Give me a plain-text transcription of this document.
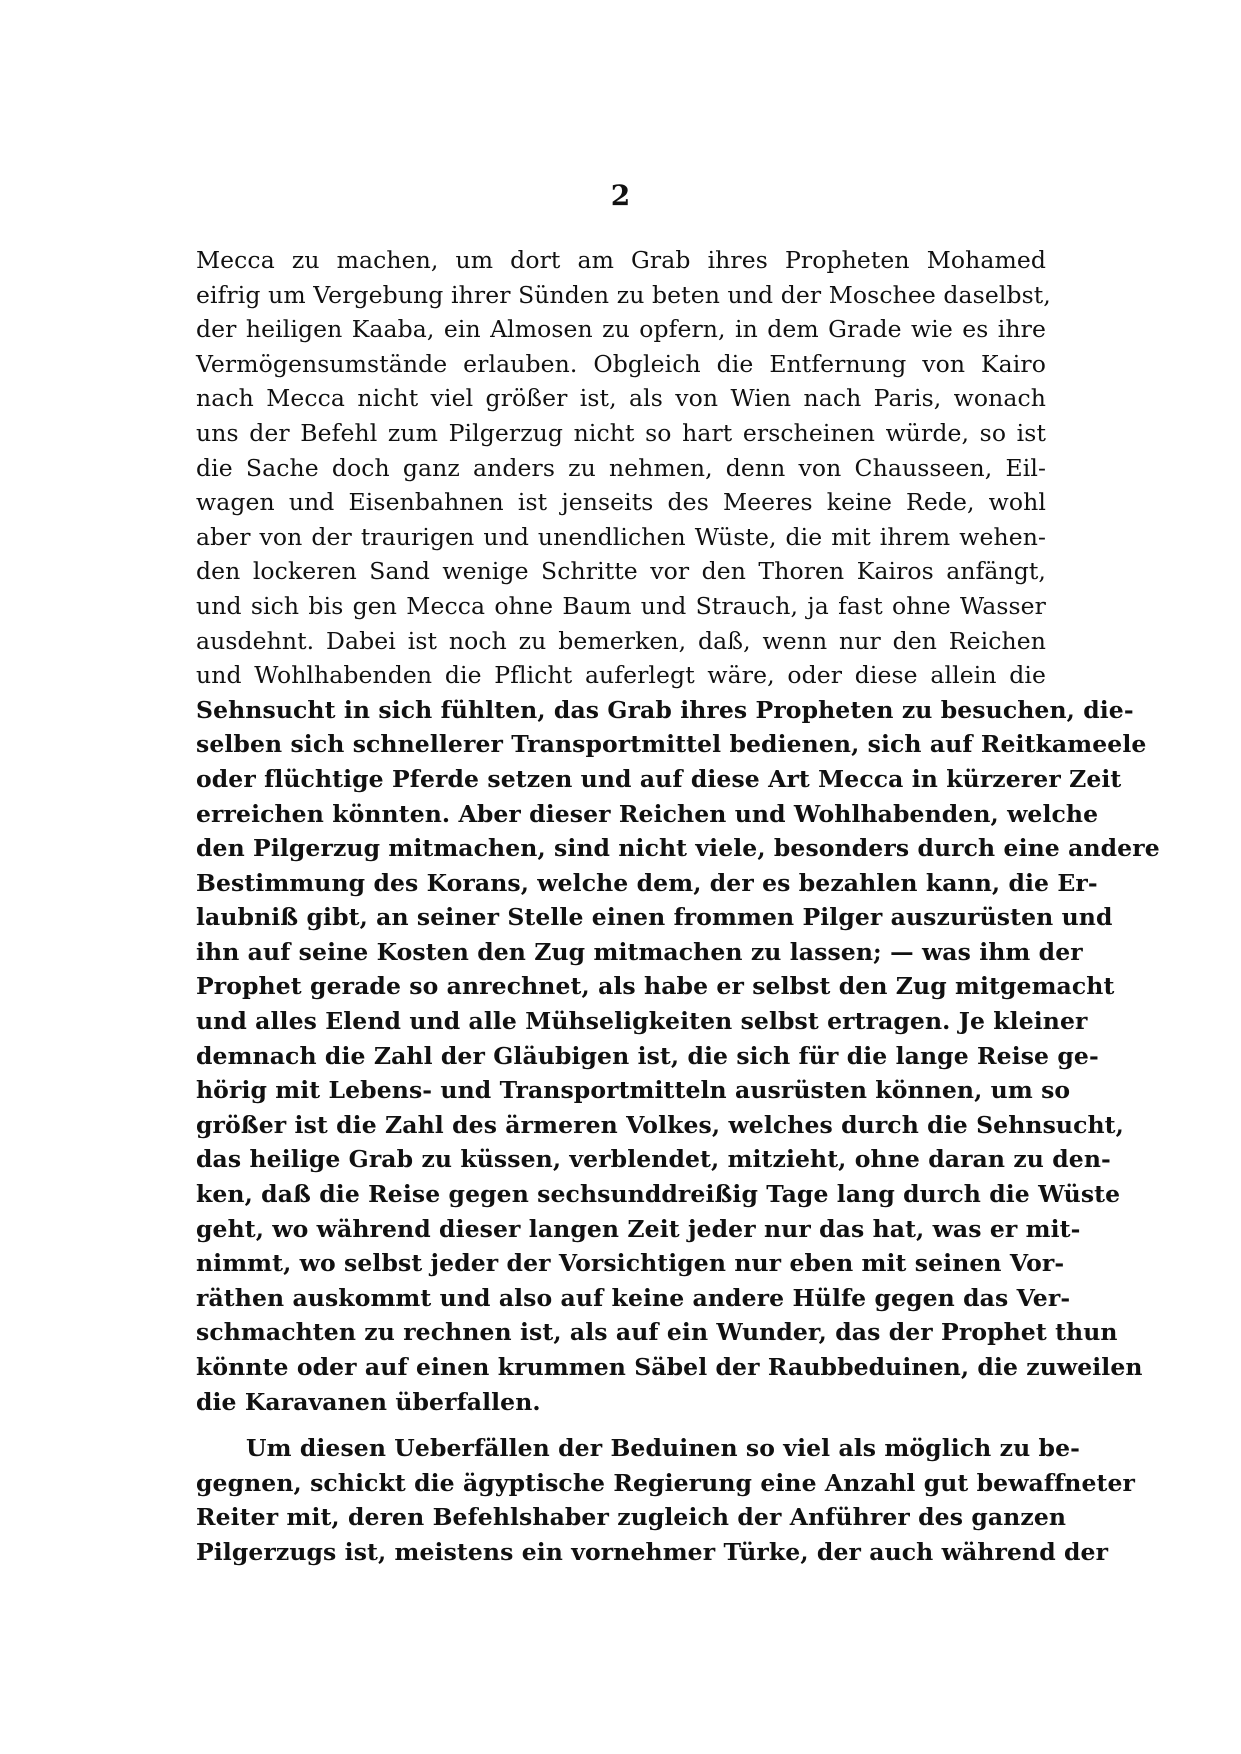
2
Mecca zu machen, um dort am Grab ihres Propheten Mohamed
eifrig um Vergebung ihrer Sünden zu beten und der Moschee daselbst,
der heiligen Kaaba, ein Almosen zu opfern, in dem Grade wie es ihre
Vermögensumstände erlauben. Obgleich die Entfernung von Kairo
nach Mecca nicht viel größer ist, als von Wien nach Paris, wonach
uns der Befehl zum Pilgerzug nicht so hart erscheinen würde, so ist
die Sache doch ganz anders zu nehmen, denn von Chausseen, Eil-
wagen und Eisenbahnen ist jenseits des Meeres keine Rede, wohl
aber von der traurigen und unendlichen Wüste, die mit ihrem wehen-
den lockeren Sand wenige Schritte vor den Thoren Kairos anfängt,
und sich bis gen Mecca ohne Baum und Strauch, ja fast ohne Wasser
ausdehnt. Dabei ist noch zu bemerken, daß, wenn nur den Reichen
und Wohlhabenden die Pflicht auferlegt wäre, oder diese allein die
Sehnsucht in sich fühlten, das Grab ihres Propheten zu besuchen, die-
selben sich schnellerer Transportmittel bedienen, sich auf Reitkameele
oder flüchtige Pferde setzen und auf diese Art Mecca in kürzerer Zeit
erreichen könnten. Aber dieser Reichen und Wohlhabenden, welche
den Pilgerzug mitmachen, sind nicht viele, besonders durch eine andere
Bestimmung des Korans, welche dem, der es bezahlen kann, die Er-
laubniß gibt, an seiner Stelle einen frommen Pilger auszurüsten und
ihn auf seine Kosten den Zug mitmachen zu lassen; — was ihm der
Prophet gerade so anrechnet, als habe er selbst den Zug mitgemacht
und alles Elend und alle Mühseligkeiten selbst ertragen. Je kleiner
demnach die Zahl der Gläubigen ist, die sich für die lange Reise ge-
hörig mit Lebens- und Transportmitteln ausrüsten können, um so
größer ist die Zahl des ärmeren Volkes, welches durch die Sehnsucht,
das heilige Grab zu küssen, verblendet, mitzieht, ohne daran zu den-
ken, daß die Reise gegen sechsunddreißig Tage lang durch die Wüste
geht, wo während dieser langen Zeit jeder nur das hat, was er mit-
nimmt, wo selbst jeder der Vorsichtigen nur eben mit seinen Vor-
räthen auskommt und also auf keine andere Hülfe gegen das Ver-
schmachten zu rechnen ist, als auf ein Wunder, das der Prophet thun
könnte oder auf einen krummen Säbel der Raubbeduinen, die zuweilen
die Karavanen überfallen.
Um diesen Ueberfällen der Beduinen so viel als möglich zu be-
gegnen, schickt die ägyptische Regierung eine Anzahl gut bewaffneter
Reiter mit, deren Befehlshaber zugleich der Anführer des ganzen
Pilgerzugs ist, meistens ein vornehmer Türke, der auch während der
